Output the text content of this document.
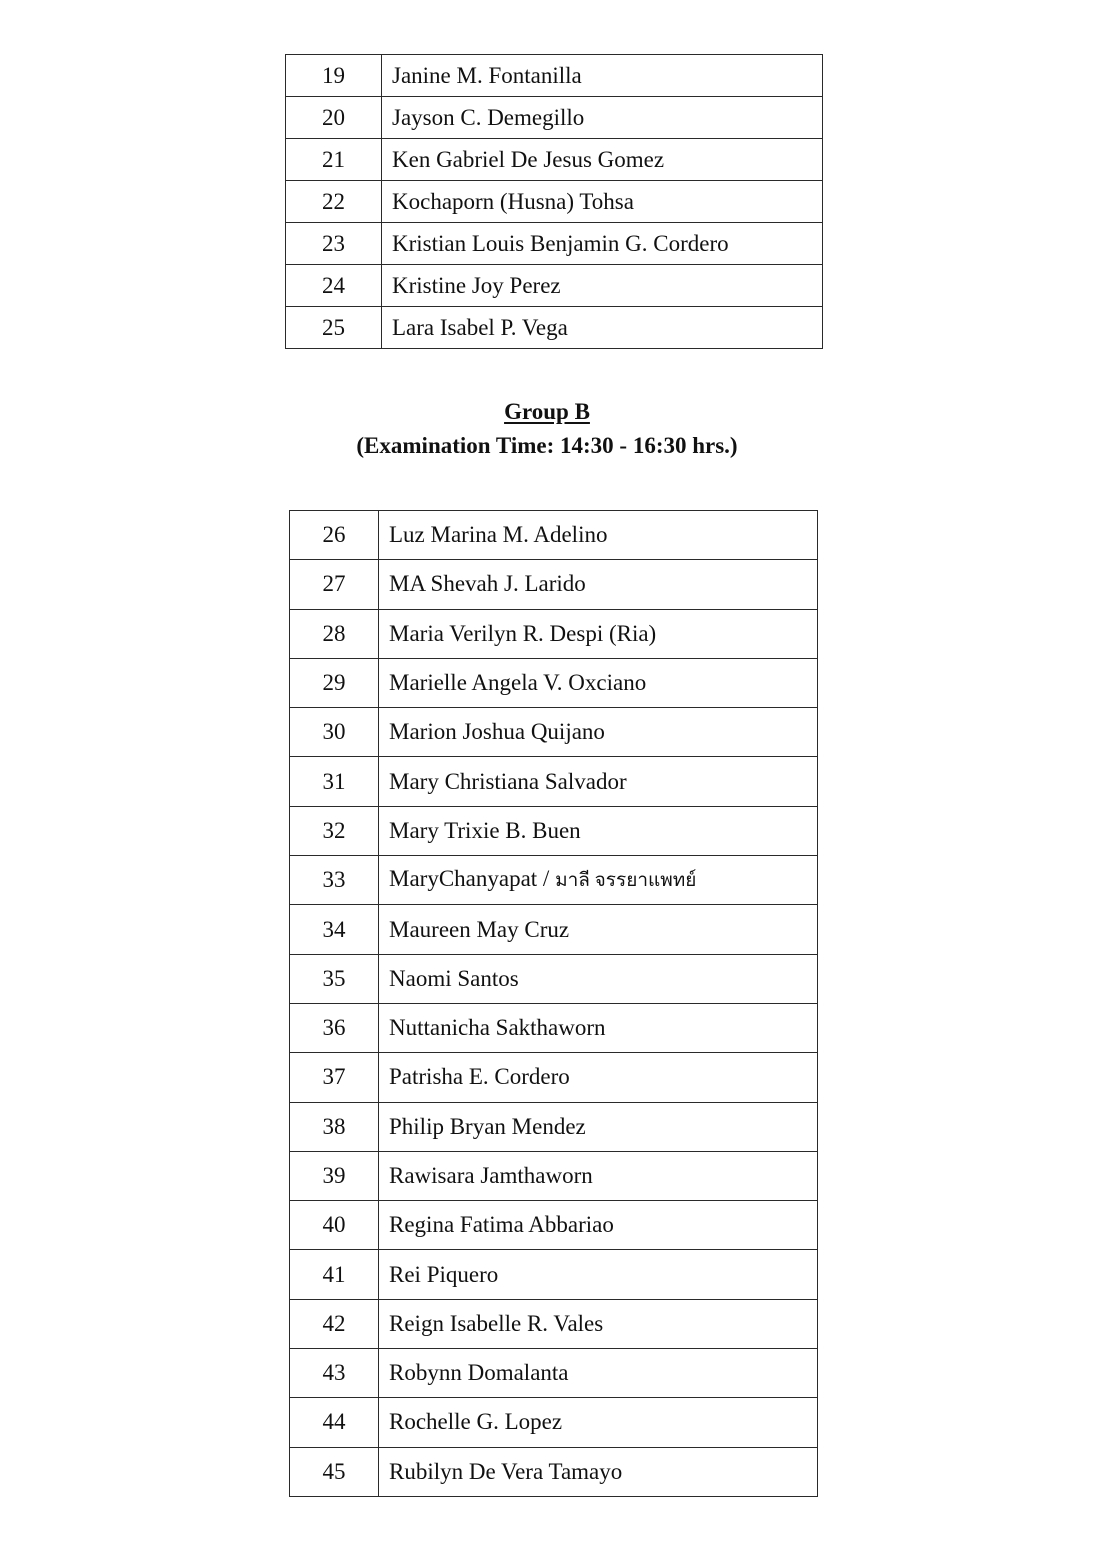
19	Janine M. Fontanilla
20	Jayson C. Demegillo
21	Ken Gabriel De Jesus Gomez
22	Kochaporn (Husna) Tohsa
23	Kristian Louis Benjamin G. Cordero
24	Kristine Joy Perez
25	Lara Isabel P. Vega
Group B
(Examination Time: 14:30 - 16:30 hrs.)
26	Luz Marina M. Adelino
27	MA Shevah J. Larido
28	Maria Verilyn R. Despi (Ria)
29	Marielle Angela V. Oxciano
30	Marion Joshua Quijano
31	Mary Christiana Salvador
32	Mary Trixie B. Buen
33	MaryChanyapat / มาลี จรรยาแพทย์
34	Maureen May Cruz
35	Naomi Santos
36	Nuttanicha Sakthaworn
37	Patrisha E. Cordero
38	Philip Bryan Mendez
39	Rawisara Jamthaworn
40	Regina Fatima Abbariao
41	Rei Piquero
42	Reign Isabelle R. Vales
43	Robynn Domalanta
44	Rochelle G. Lopez
45	Rubilyn De Vera Tamayo
